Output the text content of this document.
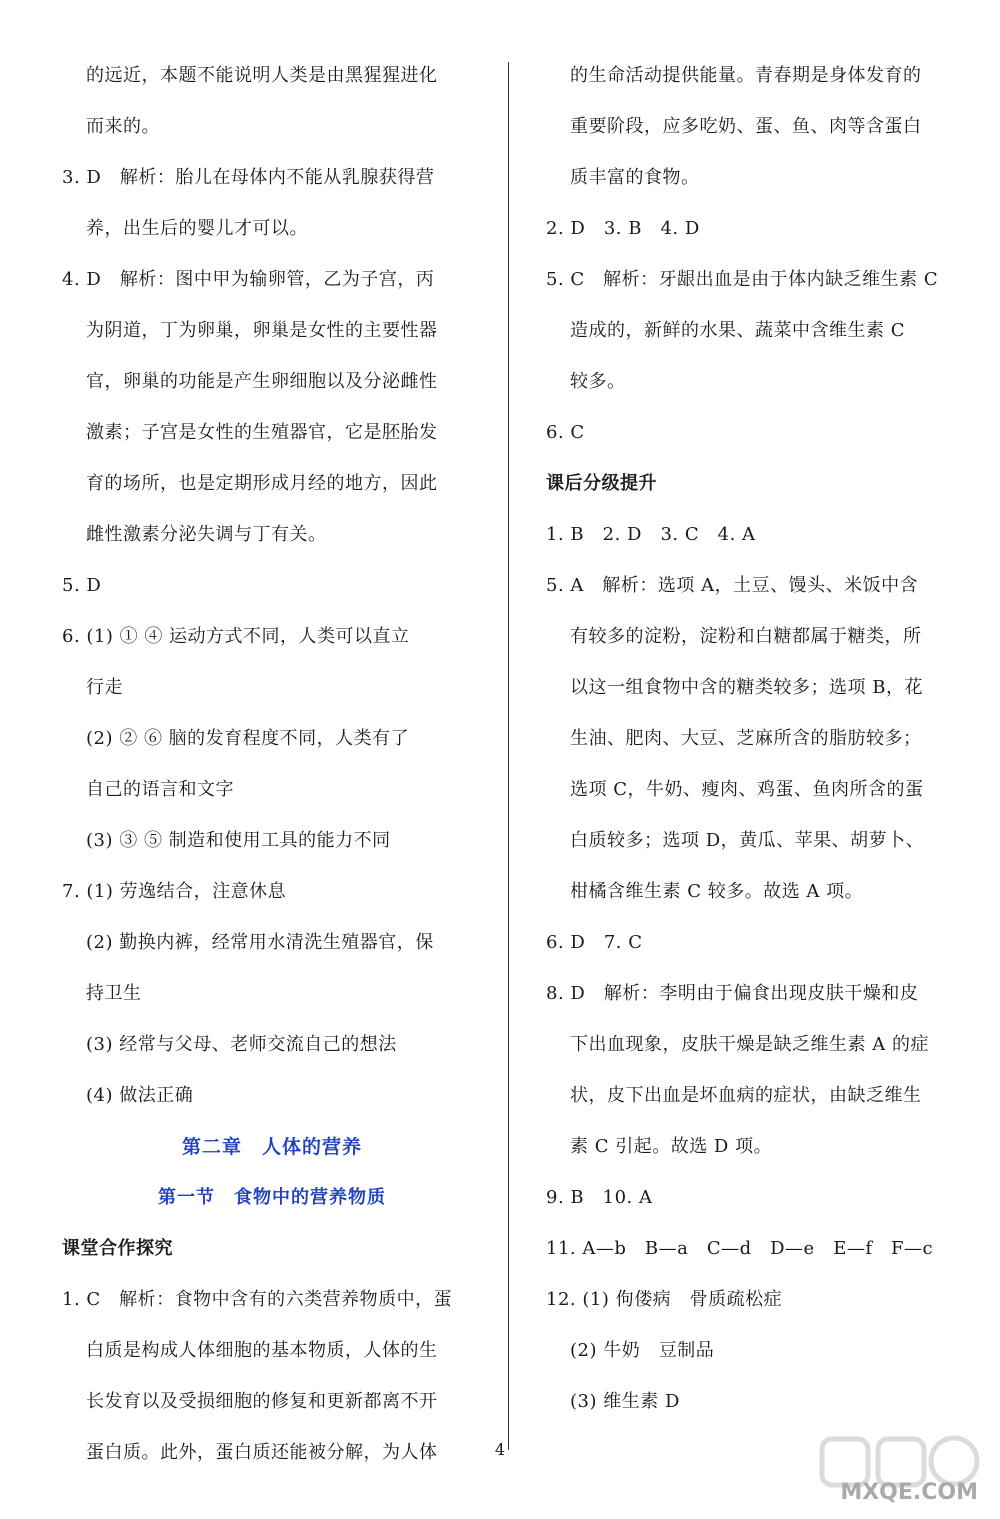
的远近，本题不能说明人类是由黑猩猩进化
而来的。
3. D　解析：胎儿在母体内不能从乳腺获得营
养，出生后的婴儿才可以。
4. D　解析：图中甲为输卵管，乙为子宫，丙
为阴道，丁为卵巢，卵巢是女性的主要性器
官，卵巢的功能是产生卵细胞以及分泌雌性
激素；子宫是女性的生殖器官，它是胚胎发
育的场所，也是定期形成月经的地方，因此
雌性激素分泌失调与丁有关。
5. D
6. (1) ① ④ 运动方式不同，人类可以直立
行走
(2) ② ⑥ 脑的发育程度不同，人类有了
自己的语言和文字
(3) ③ ⑤ 制造和使用工具的能力不同
7. (1) 劳逸结合，注意休息
(2) 勤换内裤，经常用水清洗生殖器官，保
持卫生
(3) 经常与父母、老师交流自己的想法
(4) 做法正确
第二章　人体的营养
第一节　食物中的营养物质
课堂合作探究
1. C　解析：食物中含有的六类营养物质中，蛋
白质是构成人体细胞的基本物质，人体的生
长发育以及受损细胞的修复和更新都离不开
蛋白质。此外，蛋白质还能被分解，为人体
的生命活动提供能量。青春期是身体发育的
重要阶段，应多吃奶、蛋、鱼、肉等含蛋白
质丰富的食物。
2. D　3. B　4. D
5. C　解析：牙龈出血是由于体内缺乏维生素 C
造成的，新鲜的水果、蔬菜中含维生素 C
较多。
6. C
课后分级提升
1. B　2. D　3. C　4. A
5. A　解析：选项 A，土豆、馒头、米饭中含
有较多的淀粉，淀粉和白糖都属于糖类，所
以这一组食物中含的糖类较多；选项 B，花
生油、肥肉、大豆、芝麻所含的脂肪较多；
选项 C，牛奶、瘦肉、鸡蛋、鱼肉所含的蛋
白质较多；选项 D，黄瓜、苹果、胡萝卜、
柑橘含维生素 C 较多。故选 A 项。
6. D　7. C
8. D　解析：李明由于偏食出现皮肤干燥和皮
下出血现象，皮肤干燥是缺乏维生素 A 的症
状，皮下出血是坏血病的症状，由缺乏维生
素 C 引起。故选 D 项。
9. B　10. A
11. A—b　B—a　C—d　D—e　E—f　F—c
12. (1) 佝偻病　骨质疏松症
(2) 牛奶　豆制品
(3) 维生素 D
4
MXQE.COM
